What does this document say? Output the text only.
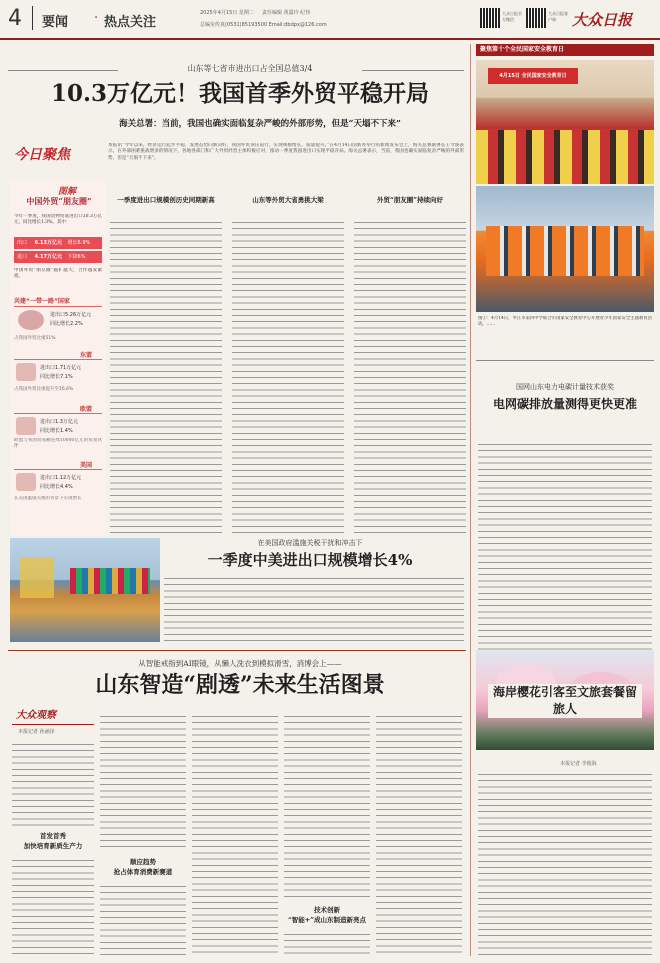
4 要闻 · 热点关注
2025年4月15日 星期二 责任编辑 黄露玲 纪伟
总编室传真(0531)85193500 Email:dbdpx@126.com
大众日报官方微信
大众日报客户端	大众日报
山东等七省市进出口占全国总值3/4
10.3万亿元！我国首季外贸平稳开局
海关总署：当前，我国也确实面临复杂严峻的外部形势，但是“天塌不下来”
今日聚焦
本报讯“今年以来，经济运行起步平稳，发展态势向新向好，我国外贸顶压前行，实现规模增长、质量提升。”在4月14日国新办举行的新闻发布会上，海关总署副署长王令浚表示，在外部困难挑战增多的情况下，各地各部门和广大外贸经营主体积极应对，推动一季度我国进出口实现平稳开局。海关总署表示，当前，我国也确实面临复杂严峻的外部形势，但是“天塌不下来”。
图解
中国外贸“朋友圈”
今年一季度，我国货物贸易进出口10.3万亿元，同比增长1.3%。其中：
出口 6.13万亿元 增长6.9%
进口 4.17万亿元 下降6%
中国外贸“朋友圈”越扩越大，合作越发紧密。
共建“一带一路”国家
进出口5.26万亿元
同比增长2.2%
占我国外贸比重51%
东盟
进出口1.71万亿元
同比增长7.1%
占我国外贸比重提升至16.6%
欧盟
进出口1.3万亿元
同比增长1.4%
欧盟与我国贸易额连续10000亿元的贸易伙伴
美国
进出口1.12万亿元
同比增长4.4%
在美国滥施关税的背景下实现增长
一季度进出口规模创历史同期新高	山东等外贸大省勇挑大梁	外贸“朋友圈”持续向好
在美国政府滥施关税干扰和冲击下
一季度中美进出口规模增长4%
从智能戒指到AI眼镜，从懒人洗衣到模拟滑雪，消博会上——
山东智造“剧透”未来生活图景
大众观察
本报记者 孙涵泽
首发首秀
加快培育新质生产力
顺应趋势
抢占体育消费新赛道
技术创新
“智能+”成山东制造新亮点
聚焦第十个全民国家安全教育日
4月15日 全民国家安全教育日
图①：4月14日，枣庄市第四中学联合市国家安全教育中心开展青少年国家安全主题教育活动。……
国网山东电力电碳计量技术获奖
电网碳排放量测得更快更准
海岸樱花引客至文旅套餐留旅人
本报记者 李俊海
